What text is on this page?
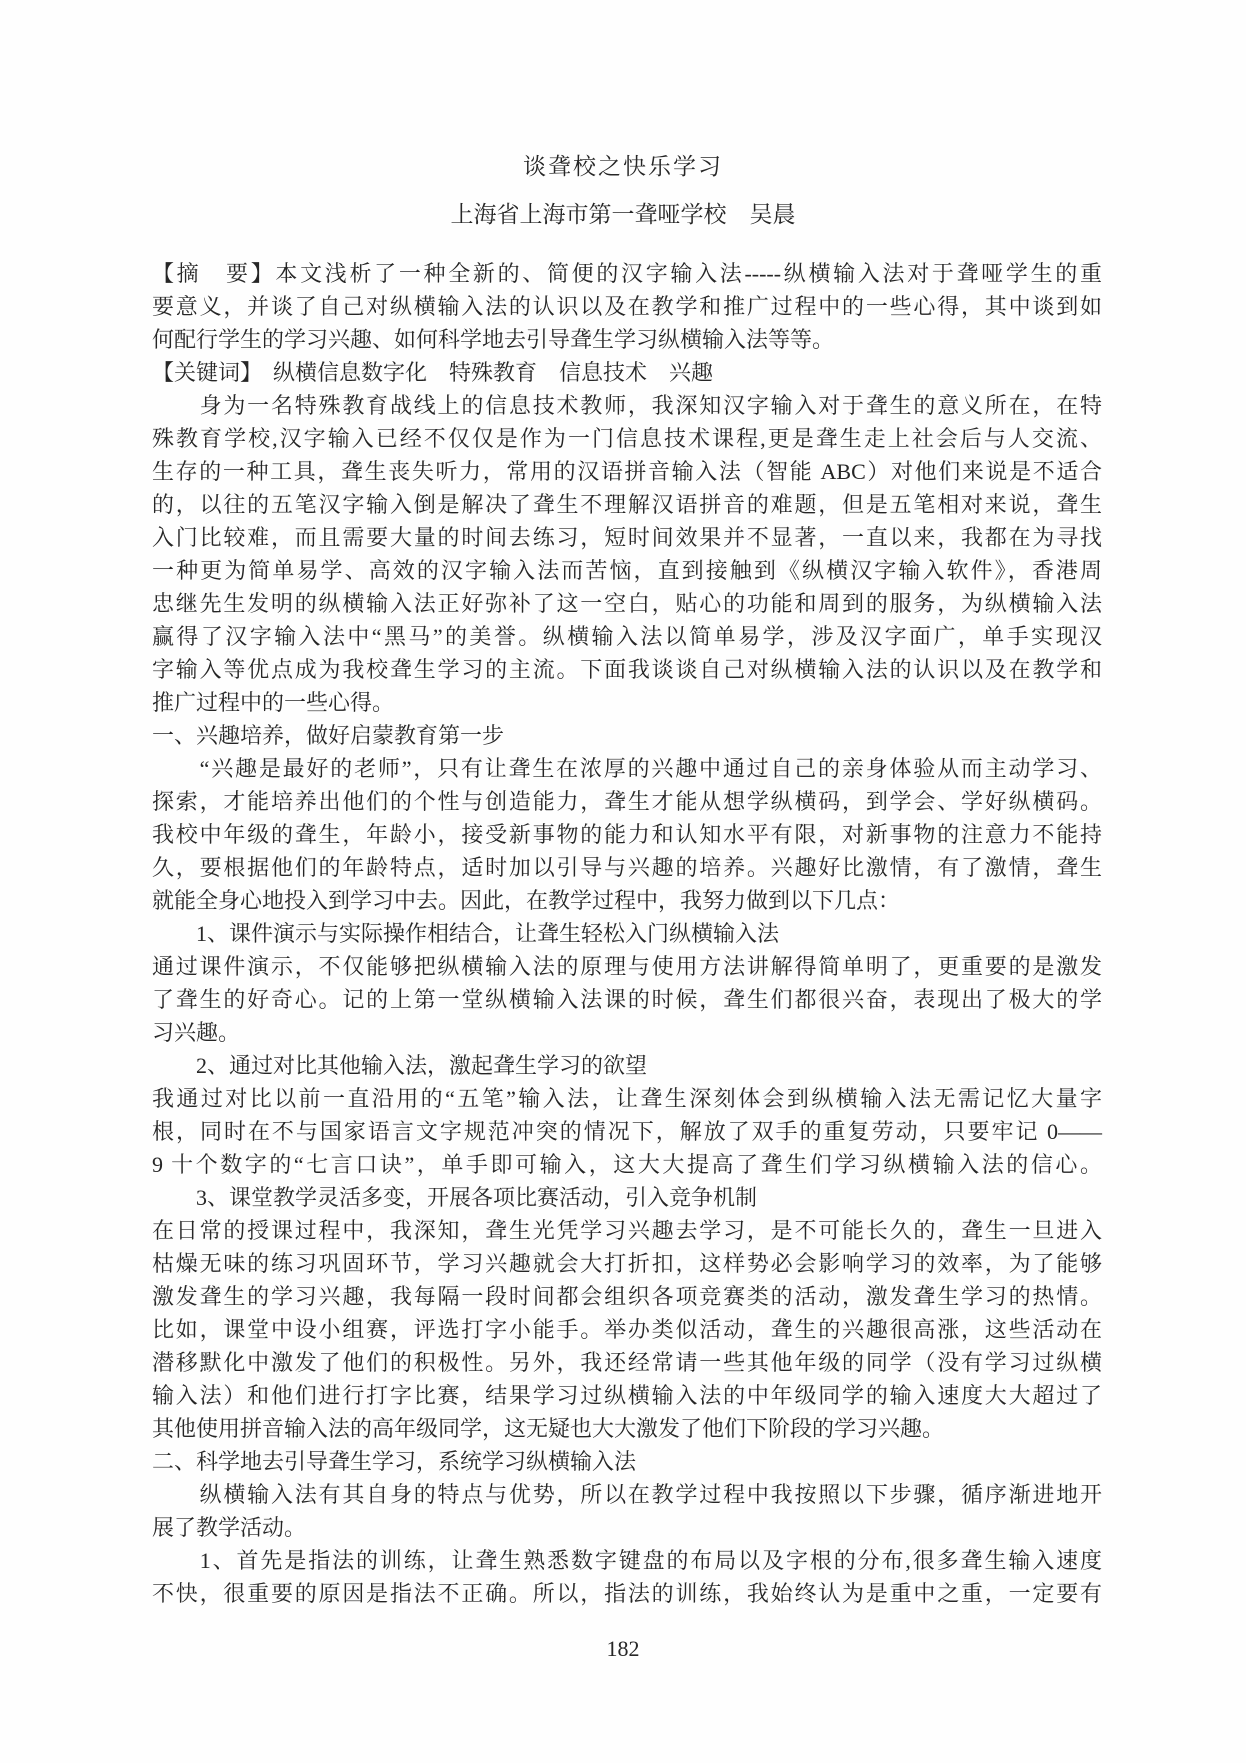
谈聋校之快乐学习
上海省上海市第一聋哑学校　吴晨
【摘　要】本文浅析了一种全新的、简便的汉字输入法-----纵横输入法对于聋哑学生的重
要意义，并谈了自己对纵横输入法的认识以及在教学和推广过程中的一些心得，其中谈到如
何配行学生的学习兴趣、如何科学地去引导聋生学习纵横输入法等等。
【关键词】　纵横信息数字化　特殊教育　信息技术　兴趣
　　身为一名特殊教育战线上的信息技术教师，我深知汉字输入对于聋生的意义所在，在特
殊教育学校,汉字输入已经不仅仅是作为一门信息技术课程,更是聋生走上社会后与人交流、
生存的一种工具，聋生丧失听力，常用的汉语拼音输入法（智能 ABC）对他们来说是不适合
的，以往的五笔汉字输入倒是解决了聋生不理解汉语拼音的难题，但是五笔相对来说，聋生
入门比较难，而且需要大量的时间去练习，短时间效果并不显著，一直以来，我都在为寻找
一种更为简单易学、高效的汉字输入法而苦恼，直到接触到《纵横汉字输入软件》，香港周
忠继先生发明的纵横输入法正好弥补了这一空白，贴心的功能和周到的服务，为纵横输入法
赢得了汉字输入法中“黑马”的美誉。纵横输入法以简单易学，涉及汉字面广，单手实现汉
字输入等优点成为我校聋生学习的主流。下面我谈谈自己对纵横输入法的认识以及在教学和
推广过程中的一些心得。
一、兴趣培养，做好启蒙教育第一步
　　“兴趣是最好的老师”，只有让聋生在浓厚的兴趣中通过自己的亲身体验从而主动学习、
探索，才能培养出他们的个性与创造能力，聋生才能从想学纵横码，到学会、学好纵横码。
我校中年级的聋生，年龄小，接受新事物的能力和认知水平有限，对新事物的注意力不能持
久，要根据他们的年龄特点，适时加以引导与兴趣的培养。兴趣好比激情，有了激情，聋生
就能全身心地投入到学习中去。因此，在教学过程中，我努力做到以下几点：
　　1、课件演示与实际操作相结合，让聋生轻松入门纵横输入法
通过课件演示，不仅能够把纵横输入法的原理与使用方法讲解得简单明了，更重要的是激发
了聋生的好奇心。记的上第一堂纵横输入法课的时候，聋生们都很兴奋，表现出了极大的学
习兴趣。
　　2、通过对比其他输入法，激起聋生学习的欲望
我通过对比以前一直沿用的“五笔”输入法，让聋生深刻体会到纵横输入法无需记忆大量字
根，同时在不与国家语言文字规范冲突的情况下，解放了双手的重复劳动，只要牢记 0——
9 十个数字的“七言口诀”，单手即可输入，这大大提高了聋生们学习纵横输入法的信心。
　　3、课堂教学灵活多变，开展各项比赛活动，引入竞争机制
在日常的授课过程中，我深知，聋生光凭学习兴趣去学习，是不可能长久的，聋生一旦进入
枯燥无味的练习巩固环节，学习兴趣就会大打折扣，这样势必会影响学习的效率，为了能够
激发聋生的学习兴趣，我每隔一段时间都会组织各项竞赛类的活动，激发聋生学习的热情。
比如，课堂中设小组赛，评选打字小能手。举办类似活动，聋生的兴趣很高涨，这些活动在
潜移默化中激发了他们的积极性。另外，我还经常请一些其他年级的同学（没有学习过纵横
输入法）和他们进行打字比赛，结果学习过纵横输入法的中年级同学的输入速度大大超过了
其他使用拼音输入法的高年级同学，这无疑也大大激发了他们下阶段的学习兴趣。
二、科学地去引导聋生学习，系统学习纵横输入法
　　纵横输入法有其自身的特点与优势，所以在教学过程中我按照以下步骤，循序渐进地开
展了教学活动。
　　1、首先是指法的训练，让聋生熟悉数字键盘的布局以及字根的分布,很多聋生输入速度
不快，很重要的原因是指法不正确。所以，指法的训练，我始终认为是重中之重，一定要有
182
